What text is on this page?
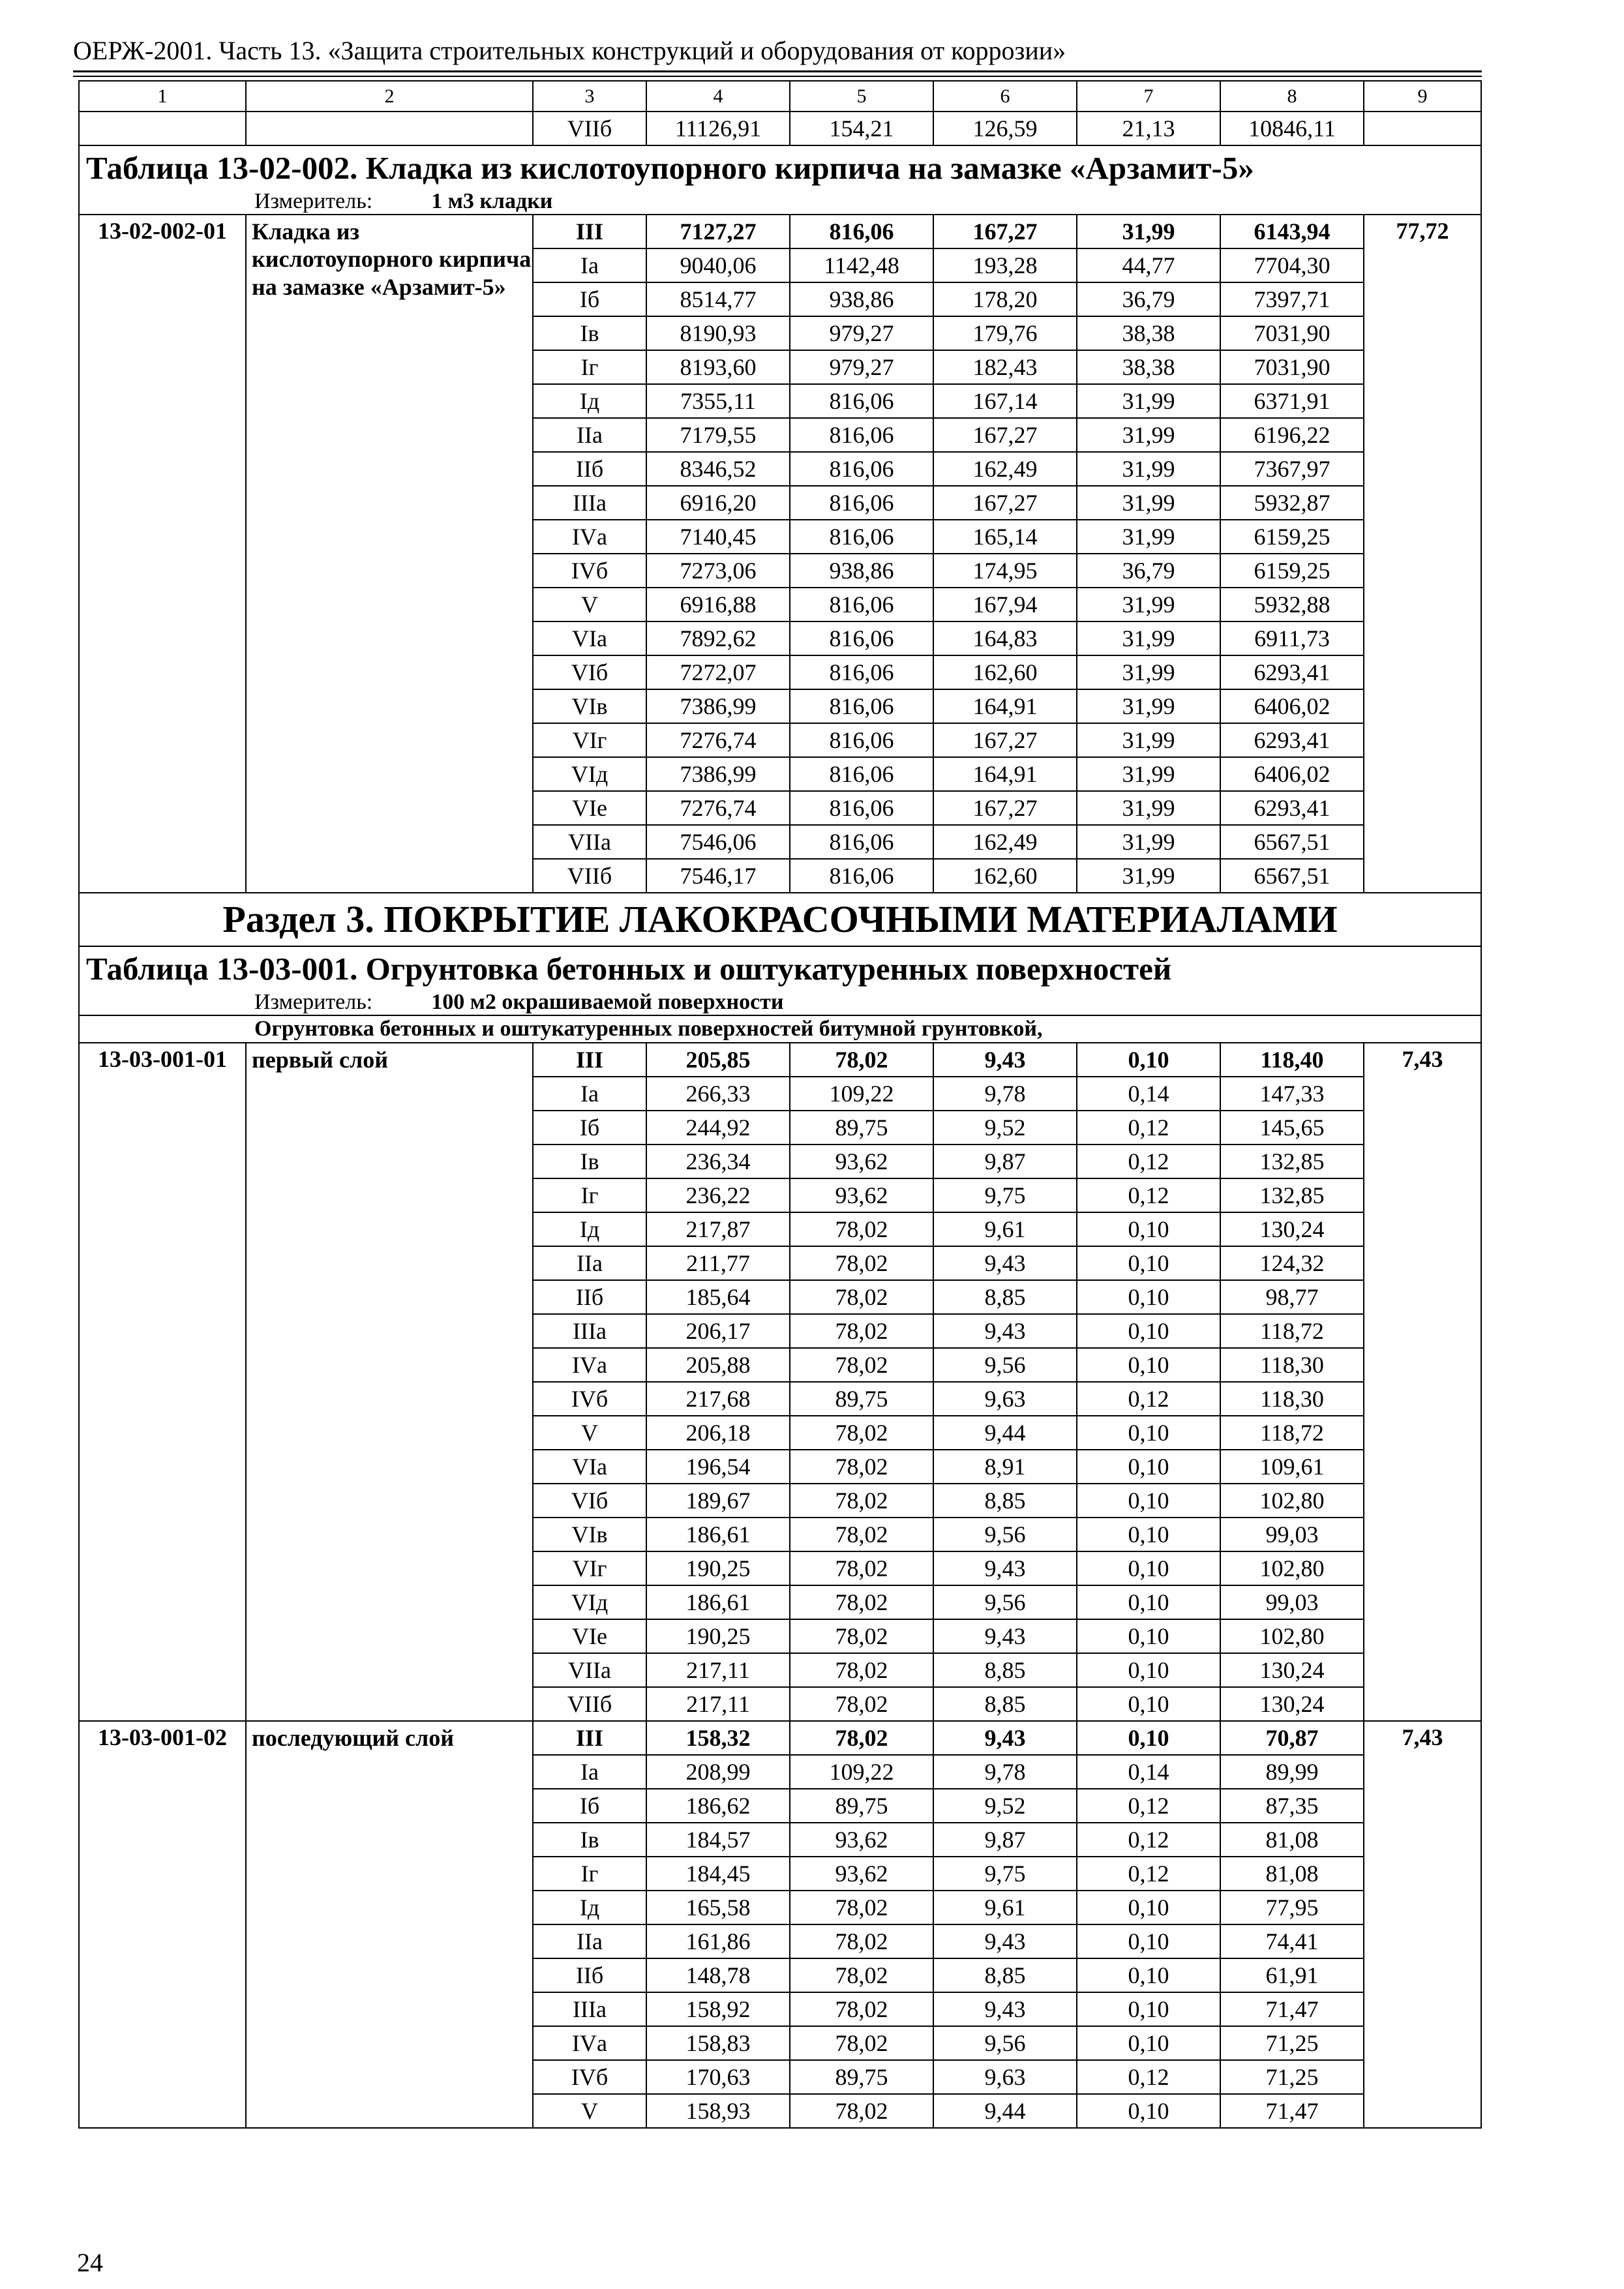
ОЕРЖ-2001. Часть 13. «Защита строительных конструкций и оборудования от коррозии»
1	2	3	4	5	6	7	8	9
		VIIб	11126,91	154,21	126,59	21,13	10846,11	
Таблица 13-02-002. Кладка из кислотоупорного кирпича на замазке «Арзамит-5»								
Измеритель: 1 м3 кладки								
13-02-002-01	Кладка из кислотоупорного кирпича на замазке «Арзамит-5»	III	7127,27	816,06	167,27	31,99	6143,94	77,72
		Iа	9040,06	1142,48	193,28	44,77	7704,30	
		Iб	8514,77	938,86	178,20	36,79	7397,71	
		Iв	8190,93	979,27	179,76	38,38	7031,90	
		Iг	8193,60	979,27	182,43	38,38	7031,90	
		Iд	7355,11	816,06	167,14	31,99	6371,91	
		IIа	7179,55	816,06	167,27	31,99	6196,22	
		IIб	8346,52	816,06	162,49	31,99	7367,97	
		IIIа	6916,20	816,06	167,27	31,99	5932,87	
		IVа	7140,45	816,06	165,14	31,99	6159,25	
		IVб	7273,06	938,86	174,95	36,79	6159,25	
		V	6916,88	816,06	167,94	31,99	5932,88	
		VIа	7892,62	816,06	164,83	31,99	6911,73	
		VIб	7272,07	816,06	162,60	31,99	6293,41	
		VIв	7386,99	816,06	164,91	31,99	6406,02	
		VIг	7276,74	816,06	167,27	31,99	6293,41	
		VIд	7386,99	816,06	164,91	31,99	6406,02	
		VIе	7276,74	816,06	167,27	31,99	6293,41	
		VIIа	7546,06	816,06	162,49	31,99	6567,51	
		VIIб	7546,17	816,06	162,60	31,99	6567,51	
Раздел 3. ПОКРЫТИЕ ЛАКОКРАСОЧНЫМИ МАТЕРИАЛАМИ								
Таблица 13-03-001. Огрунтовка бетонных и оштукатуренных поверхностей								
Измеритель: 100 м2 окрашиваемой поверхности								
Огрунтовка бетонных и оштукатуренных поверхностей битумной грунтовкой,								
13-03-001-01	первый слой	III	205,85	78,02	9,43	0,10	118,40	7,43
		Iа	266,33	109,22	9,78	0,14	147,33	
		Iб	244,92	89,75	9,52	0,12	145,65	
		Iв	236,34	93,62	9,87	0,12	132,85	
		Iг	236,22	93,62	9,75	0,12	132,85	
		Iд	217,87	78,02	9,61	0,10	130,24	
		IIа	211,77	78,02	9,43	0,10	124,32	
		IIб	185,64	78,02	8,85	0,10	98,77	
		IIIа	206,17	78,02	9,43	0,10	118,72	
		IVа	205,88	78,02	9,56	0,10	118,30	
		IVб	217,68	89,75	9,63	0,12	118,30	
		V	206,18	78,02	9,44	0,10	118,72	
		VIа	196,54	78,02	8,91	0,10	109,61	
		VIб	189,67	78,02	8,85	0,10	102,80	
		VIв	186,61	78,02	9,56	0,10	99,03	
		VIг	190,25	78,02	9,43	0,10	102,80	
		VIд	186,61	78,02	9,56	0,10	99,03	
		VIе	190,25	78,02	9,43	0,10	102,80	
		VIIа	217,11	78,02	8,85	0,10	130,24	
		VIIб	217,11	78,02	8,85	0,10	130,24	
13-03-001-02	последующий слой	III	158,32	78,02	9,43	0,10	70,87	7,43
		Iа	208,99	109,22	9,78	0,14	89,99	
		Iб	186,62	89,75	9,52	0,12	87,35	
		Iв	184,57	93,62	9,87	0,12	81,08	
		Iг	184,45	93,62	9,75	0,12	81,08	
		Iд	165,58	78,02	9,61	0,10	77,95	
		IIа	161,86	78,02	9,43	0,10	74,41	
		IIб	148,78	78,02	8,85	0,10	61,91	
		IIIа	158,92	78,02	9,43	0,10	71,47	
		IVа	158,83	78,02	9,56	0,10	71,25	
		IVб	170,63	89,75	9,63	0,12	71,25	
		V	158,93	78,02	9,44	0,10	71,47	
24
